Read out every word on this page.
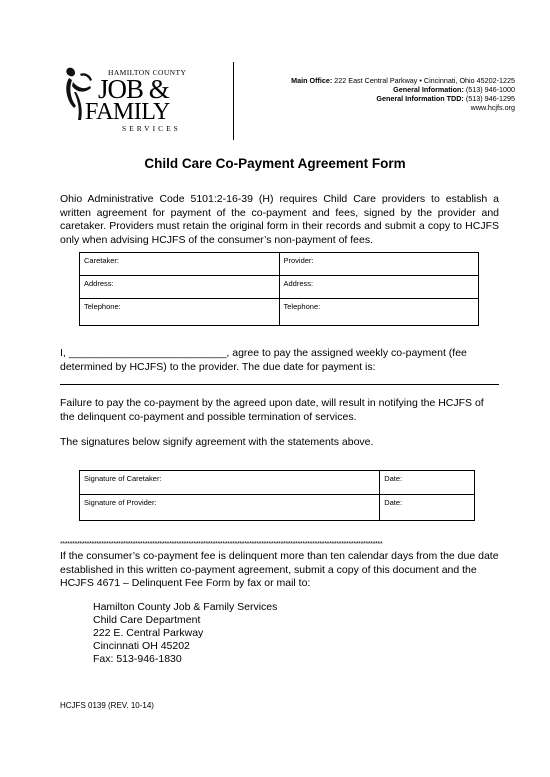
HAMILTON COUNTY
JOB &
FAMILY
SERVICES
Main Office: 222 East Central Parkway • Cincinnati, Ohio 45202-1225
General Information: (513) 946-1000
General Information TDD: (513) 946-1295
www.hcjfs.org
Child Care Co-Payment Agreement Form
Ohio Administrative Code 5101:2-16-39 (H) requires Child Care providers to establish a written agreement for payment of the co-payment and fees, signed by the provider and caretaker. Providers must retain the original form in their records and submit a copy to HCJFS only when advising HCJFS of the consumer’s non-payment of fees.
Caretaker:	Provider:
Address:	Address:
Telephone:	Telephone:
I, ___________________________, agree to pay the assigned weekly co-payment (fee determined by HCJFS) to the provider. The due date for payment is:
Failure to pay the co-payment by the agreed upon date, will result in notifying the HCJFS of the delinquent co-payment and possible termination of services.
The signatures below signify agreement with the statements above.
Signature of Caretaker:	Date:
Signature of Provider:	Date:
*************************************************************************************************************************************
If the consumer’s co-payment fee is delinquent more than ten calendar days from the due date established in this written co-payment agreement, submit a copy of this document and the HCJFS 4671 – Delinquent Fee Form by fax or mail to:
Hamilton County Job & Family Services
Child Care Department
222 E. Central Parkway
Cincinnati OH 45202
Fax: 513-946-1830
HCJFS 0139 (REV. 10-14)
